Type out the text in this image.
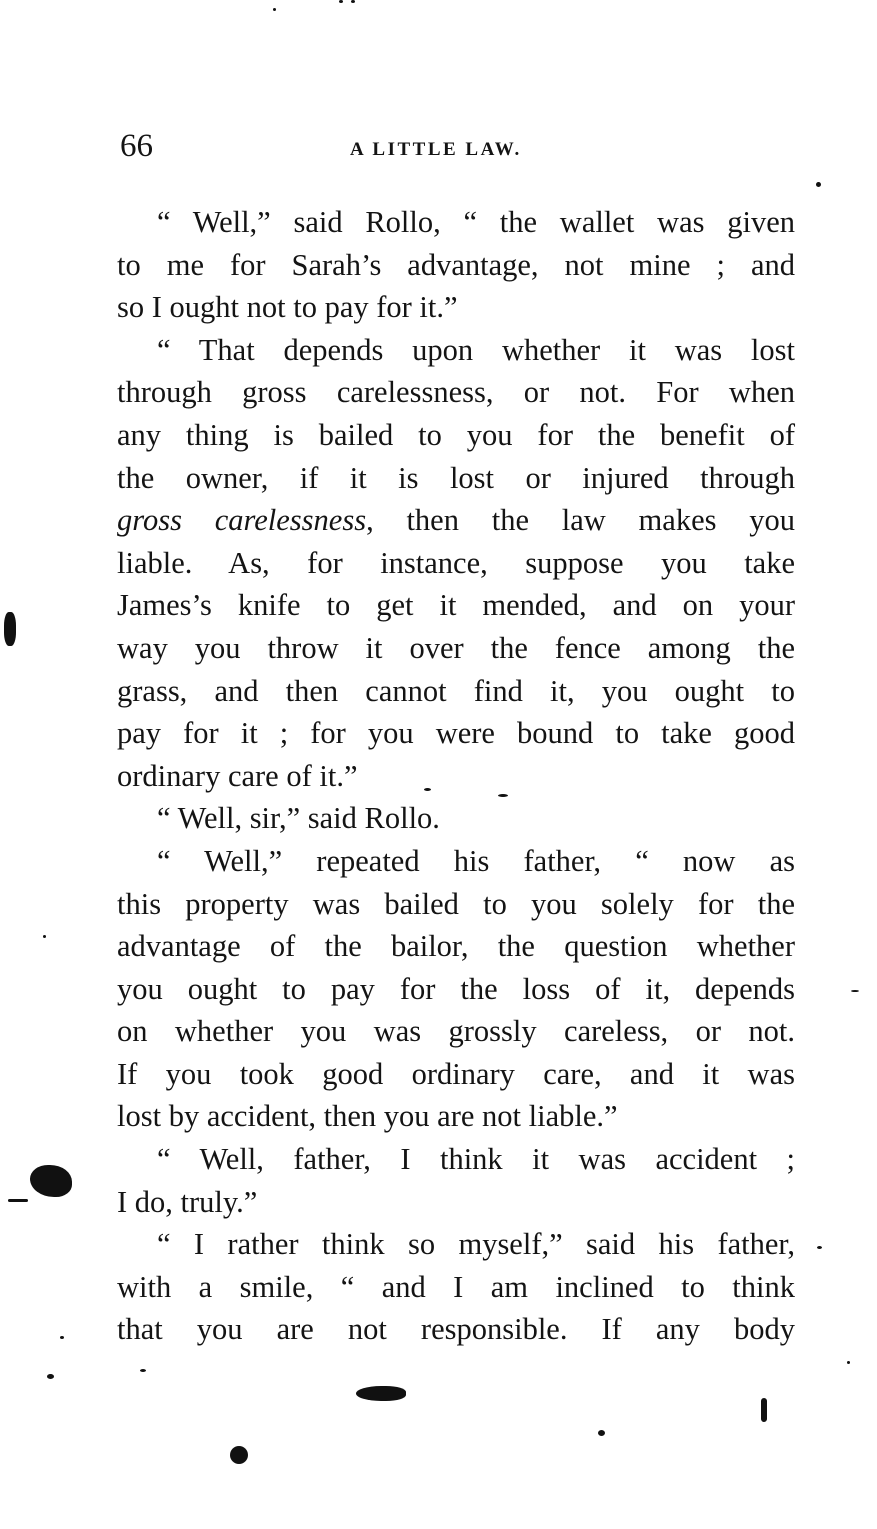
66	A LITTLE LAW.
“ Well,” said Rollo, “ the wallet was given
to me for Sarah’s advantage, not mine ; and
so I ought not to pay for it.”
“ That depends upon whether it was lost
through gross carelessness, or not. For when
any thing is bailed to you for the benefit of
the owner, if it is lost or injured through
gross carelessness, then the law makes you
liable. As, for instance, suppose you take
James’s knife to get it mended, and on your
way you throw it over the fence among the
grass, and then cannot find it, you ought to
pay for it ; for you were bound to take good
ordinary care of it.”
“ Well, sir,” said Rollo.
“ Well,” repeated his father, “ now as
this property was bailed to you solely for the
advantage of the bailor, the question whether
you ought to pay for the loss of it, depends
on whether you was grossly careless, or not.
If you took good ordinary care, and it was
lost by accident, then you are not liable.”
“ Well, father, I think it was accident ;
I do, truly.”
“ I rather think so myself,” said his father,
with a smile, “ and I am inclined to think
that you are not responsible. If any body
